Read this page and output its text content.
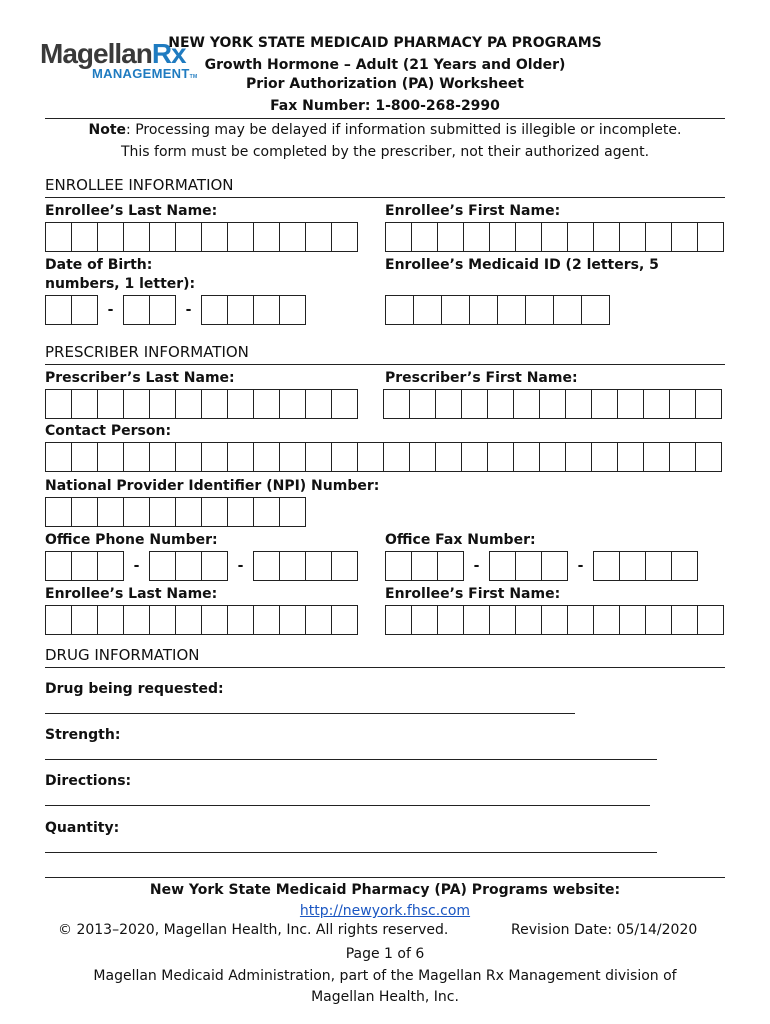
MagellanRx
MANAGEMENTTM
NEW YORK STATE MEDICAID PHARMACY PA PROGRAMS
Growth Hormone – Adult (21 Years and Older)
Prior Authorization (PA) Worksheet
Fax Number: 1-800-268-2990
Note: Processing may be delayed if information submitted is illegible or incomplete.
This form must be completed by the prescriber, not their authorized agent.
ENROLLEE INFORMATION
Enrollee’s Last Name:	Enrollee’s First Name:
Date of Birth:	Enrollee’s Medicaid ID (2 letters, 5
numbers, 1 letter):
-	-
PRESCRIBER INFORMATION
Prescriber’s Last Name:	Prescriber’s First Name:
Contact Person:
National Provider Identifier (NPI) Number:
Office Phone Number:	Office Fax Number:
-	-	-	-
Enrollee’s Last Name:	Enrollee’s First Name:
DRUG INFORMATION
Drug being requested:
Strength:
Directions:
Quantity:
New York State Medicaid Pharmacy (PA) Programs website:
http://newyork.fhsc.com
© 2013–2020, Magellan Health, Inc. All rights reserved.	Revision Date: 05/14/2020
Page 1 of 6
Magellan Medicaid Administration, part of the Magellan Rx Management division of
Magellan Health, Inc.
